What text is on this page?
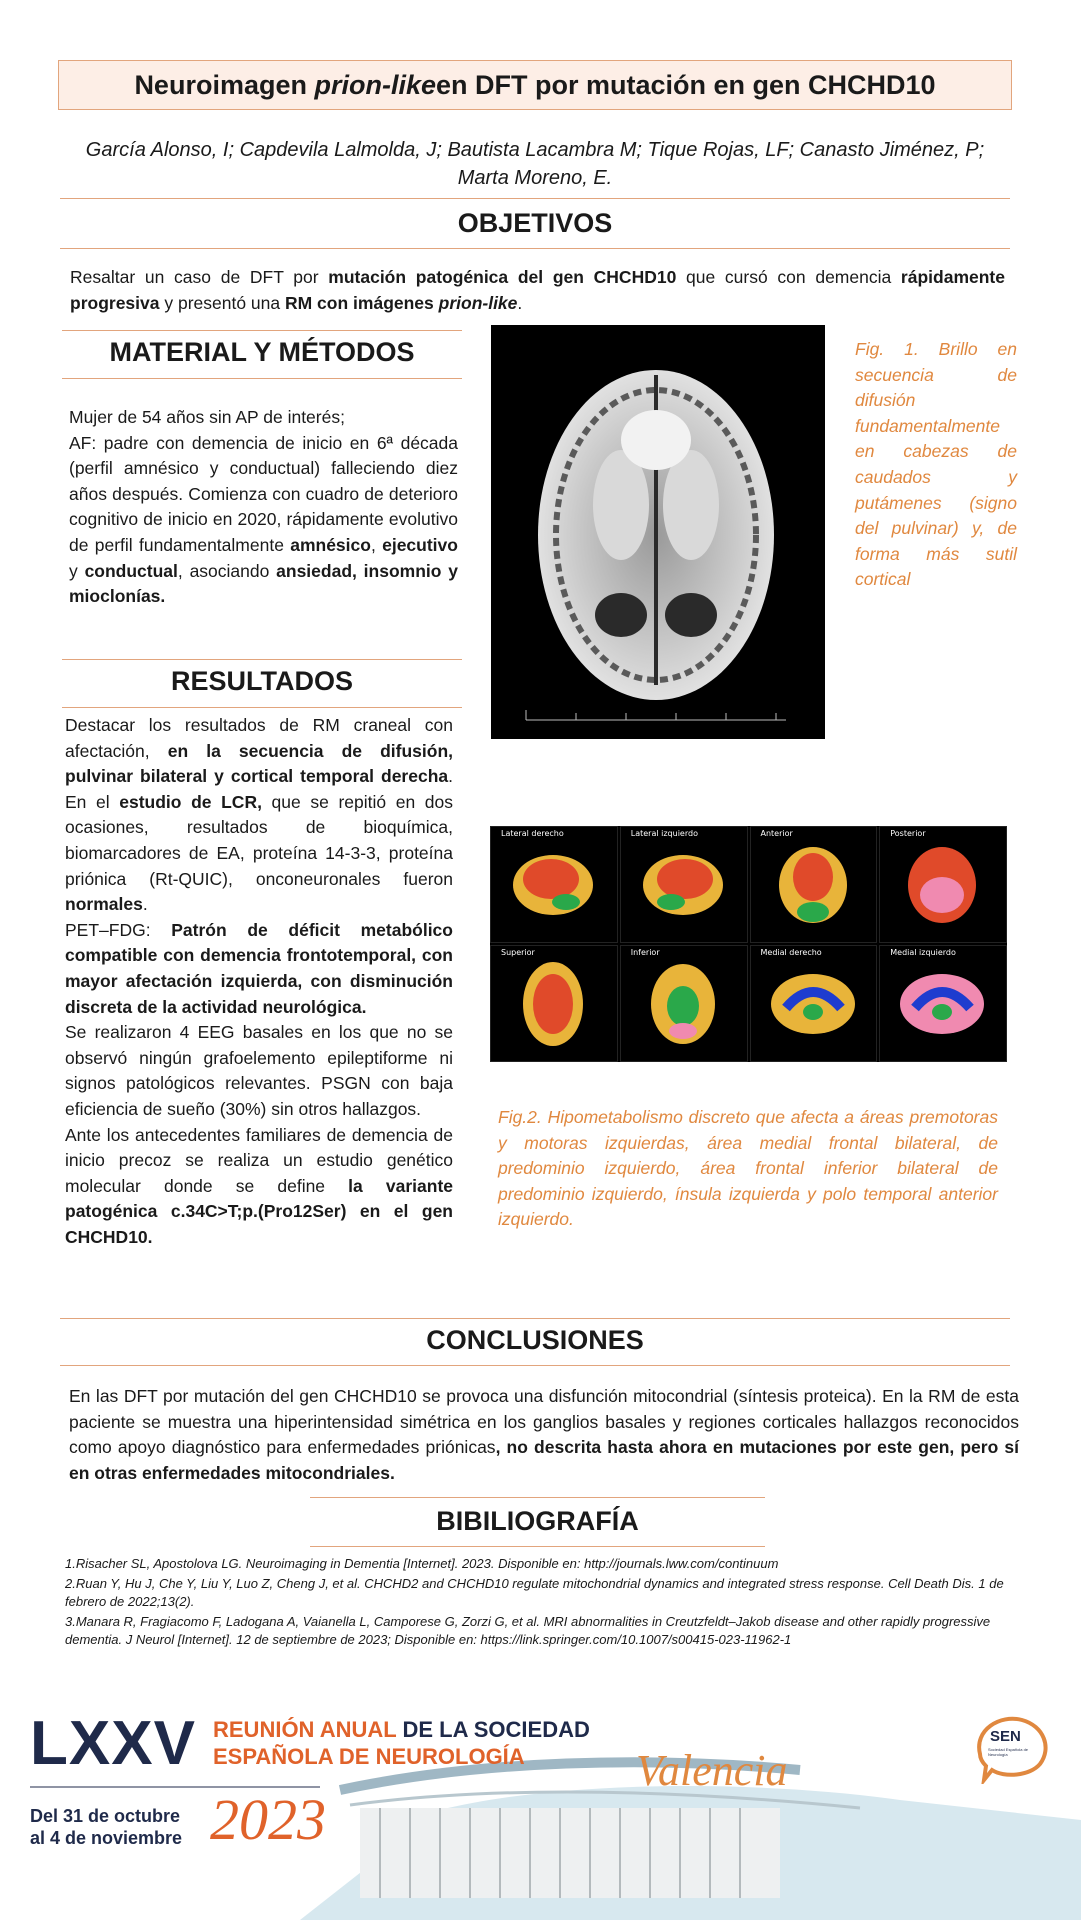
Neuroimagen
prion-like en DFT por mutación en gen CHCHD10
García Alonso, I; Capdevila Lalmolda, J; Bautista Lacambra M; Tique Rojas, LF; Canasto Jiménez, P; Marta Moreno, E.
OBJETIVOS
Resaltar un caso de DFT por mutación patogénica del gen CHCHD10 que cursó con demencia rápidamente progresiva y presentó una RM con imágenes prion-like.
MATERIAL Y MÉTODOS
Mujer de 54 años sin AP de interés;
AF: padre con demencia de inicio en 6ª década (perfil amnésico y conductual) falleciendo diez años después. Comienza con cuadro de deterioro cognitivo de inicio en 2020, rápidamente evolutivo de perfil fundamentalmente amnésico, ejecutivo y conductual, asociando ansiedad, insomnio y mioclonías.
RESULTADOS
Destacar los resultados de RM craneal con afectación, en la secuencia de difusión, pulvinar bilateral y cortical temporal derecha. En el estudio de LCR, que se repitió en dos ocasiones, resultados de bioquímica, biomarcadores de EA, proteína 14-3-3, proteína priónica (Rt-QUIC), onconeuronales fueron normales.
PET–FDG: Patrón de déficit metabólico compatible con demencia frontotemporal, con mayor afectación izquierda, con disminución discreta de la actividad neurológica.
Se realizaron 4 EEG basales en los que no se observó ningún grafoelemento epileptiforme ni signos patológicos relevantes. PSGN con baja eficiencia de sueño (30%) sin otros hallazgos.
Ante los antecedentes familiares de demencia de inicio precoz se realiza un estudio genético molecular donde se define la variante patogénica c.34C>T;p.(Pro12Ser) en el gen CHCHD10.
Fig. 1. Brillo en secuencia de difusión fundamentalmente en cabezas de caudados y putámenes (signo del pulvinar) y, de forma más sutil cortical
Lateral derecho	Lateral izquierdo	Anterior	Posterior
Superior	Inferior	Medial derecho	Medial izquierdo
Fig.2. Hipometabolismo discreto que afecta a áreas premotoras y motoras izquierdas, área medial frontal bilateral, de predominio izquierdo, área frontal inferior bilateral de predominio izquierdo, ínsula izquierda y polo temporal anterior izquierdo.
CONCLUSIONES
En las DFT por mutación del gen CHCHD10 se provoca una disfunción mitocondrial (síntesis proteica). En la RM de esta paciente se muestra una hiperintensidad simétrica en los ganglios basales y regiones corticales hallazgos reconocidos como apoyo diagnóstico para enfermedades priónicas, no descrita hasta ahora en mutaciones por este gen, pero sí en otras enfermedades mitocondriales.
BIBILIOGRAFÍA
1.Risacher SL, Apostolova LG. Neuroimaging in Dementia [Internet]. 2023. Disponible en: http://journals.lww.com/continuum
2.Ruan Y, Hu J, Che Y, Liu Y, Luo Z, Cheng J, et al. CHCHD2 and CHCHD10 regulate mitochondrial dynamics and integrated stress response. Cell Death Dis. 1 de febrero de 2022;13(2).
3.Manara R, Fragiacomo F, Ladogana A, Vaianella L, Camporese G, Zorzi G, et al. MRI abnormalities in Creutzfeldt–Jakob disease and other rapidly progressive dementia. J Neurol [Internet]. 12 de septiembre de 2023; Disponible en: https://link.springer.com/10.1007/s00415-023-11962-1
LXXV REUNIÓN ANUAL DE LA SOCIEDAD
ESPAÑOLA DE NEUROLOGÍA
Del 31 de octubre
al 4 de noviembre 2023
Valencia
SEN
Sociedad Española de Neurología
